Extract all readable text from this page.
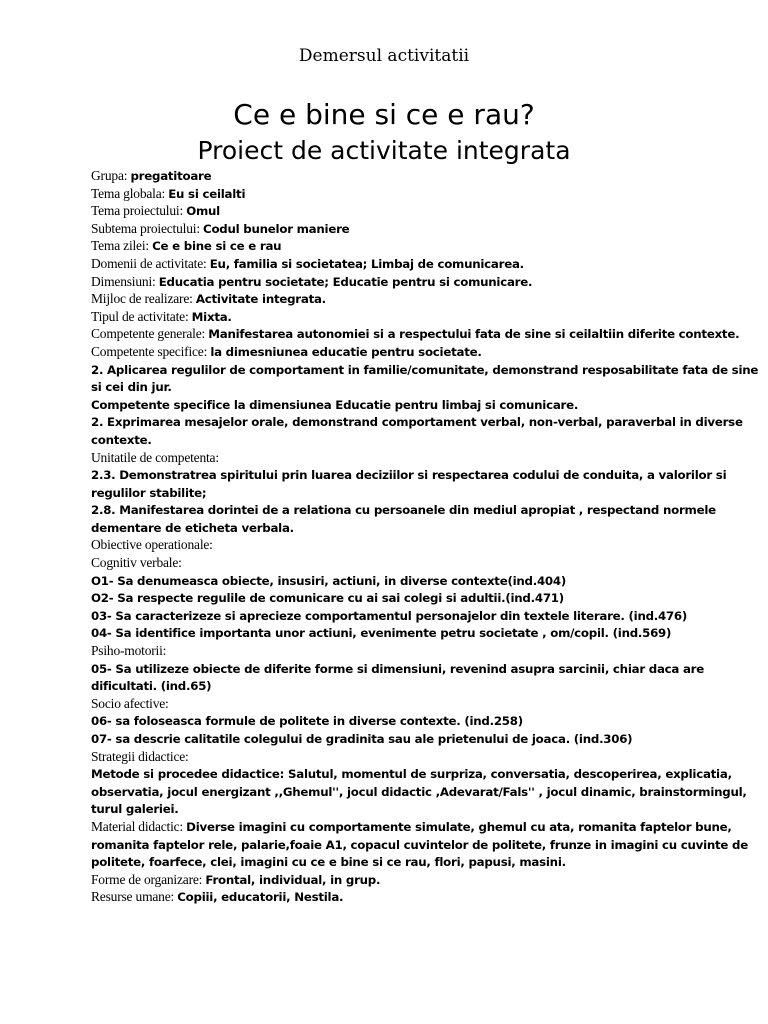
Demersul activitatii
Ce e bine si ce e rau?
Proiect de activitate integrata
Grupa: pregatitoare
Tema globala: Eu si ceilalti
Tema proiectului: Omul
Subtema proiectului: Codul bunelor maniere
Tema zilei: Ce e bine si ce e rau
Domenii de activitate: Eu, familia si societatea; Limbaj de comunicarea.
Dimensiuni: Educatia pentru societate; Educatie pentru si comunicare.
Mijloc de realizare: Activitate integrata.
Tipul de activitate: Mixta.
Competente generale: Manifestarea autonomiei si a respectului fata de sine si ceilaltiin diferite contexte.
Competente specifice: la dimesniunea educatie pentru societate.
2. Aplicarea regulilor de comportament in familie/comunitate, demonstrand resposabilitate fata de sine
si cei din jur.
Competente specifice la dimensiunea Educatie pentru limbaj si comunicare.
2. Exprimarea mesajelor orale, demonstrand comportament verbal, non-verbal, paraverbal in diverse
contexte.
Unitatile de competenta:
2.3. Demonstratrea spiritului prin luarea deciziilor si respectarea codului de conduita, a valorilor si
regulilor stabilite;
2.8. Manifestarea dorintei de a relationa cu persoanele din mediul apropiat , respectand normele
dementare de eticheta verbala.
Obiective operationale:
Cognitiv verbale:
O1- Sa denumeasca obiecte, insusiri, actiuni, in diverse contexte(ind.404)
O2- Sa respecte regulile de comunicare cu ai sai colegi si adultii.(ind.471)
03- Sa caracterizeze si aprecieze comportamentul personajelor din textele literare. (ind.476)
04- Sa identifice importanta unor actiuni, evenimente petru societate , om/copil. (ind.569)
Psiho-motorii:
05- Sa utilizeze obiecte de diferite forme si dimensiuni, revenind asupra sarcinii, chiar daca are
dificultati. (ind.65)
Socio afective:
06- sa foloseasca formule de politete in diverse contexte. (ind.258)
07- sa descrie calitatile colegului de gradinita sau ale prietenului de joaca. (ind.306)
Strategii didactice:
Metode si procedee didactice: Salutul, momentul de surpriza, conversatia, descoperirea, explicatia,
observatia, jocul energizant ,,Ghemul'', jocul didactic ,Adevarat/Fals'' , jocul dinamic, brainstormingul,
turul galeriei.
Material didactic: Diverse imagini cu comportamente simulate, ghemul cu ata, romanita faptelor bune,
romanita faptelor rele, palarie,foaie A1, copacul cuvintelor de politete, frunze in imagini cu cuvinte de
politete, foarfece, clei, imagini cu ce e bine si ce rau, flori, papusi, masini.
Forme de organizare: Frontal, individual, in grup.
Resurse umane: Copiii, educatorii, Nestila.
